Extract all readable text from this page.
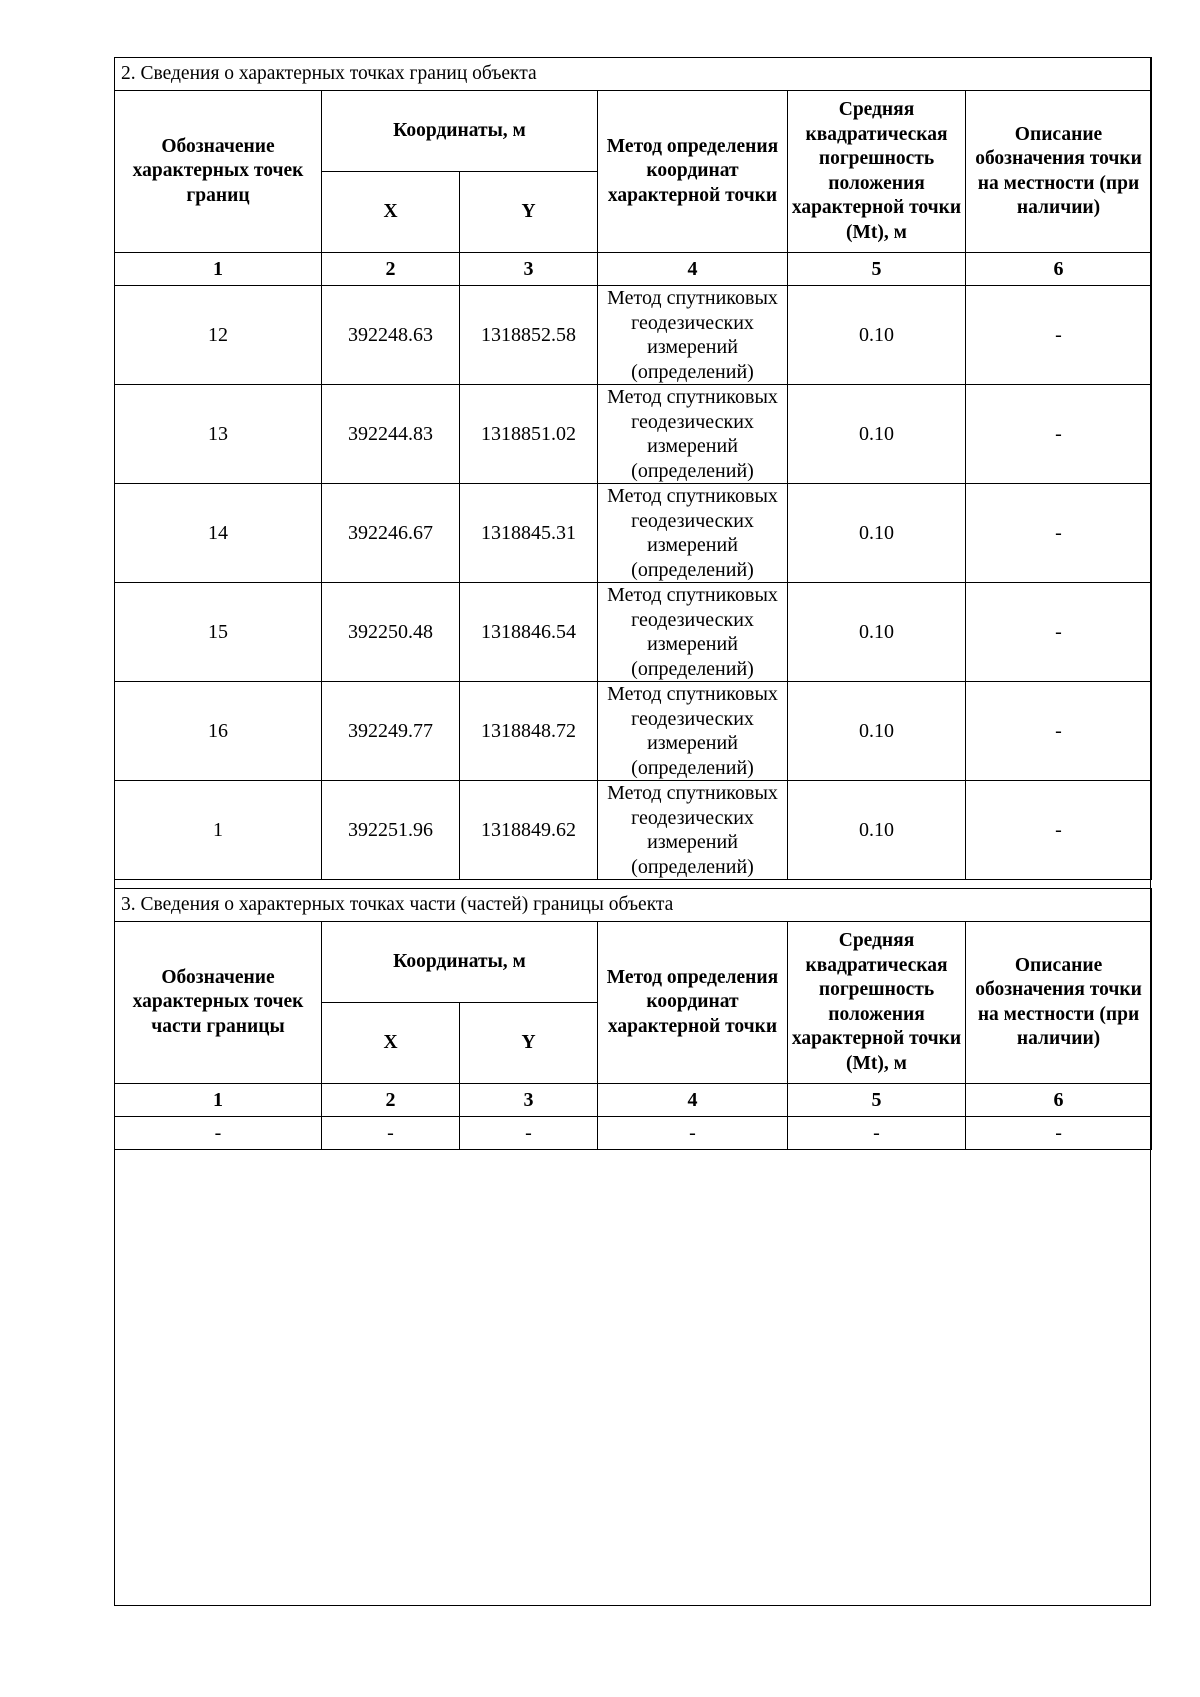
2. Сведения о характерных точках границ объекта					
Обозначение характерных точек границ	Координаты, м		Метод определения координат характерной точки	Средняя квадратическая погрешность положения характерной точки (Mt), м	Описание обозначения точки на местности (при наличии)
	X	Y			
1	2	3	4	5	6
12	392248.63	1318852.58	Метод спутниковых геодезических измерений (определений)	0.10	-
13	392244.83	1318851.02	Метод спутниковых геодезических измерений (определений)	0.10	-
14	392246.67	1318845.31	Метод спутниковых геодезических измерений (определений)	0.10	-
15	392250.48	1318846.54	Метод спутниковых геодезических измерений (определений)	0.10	-
16	392249.77	1318848.72	Метод спутниковых геодезических измерений (определений)	0.10	-
1	392251.96	1318849.62	Метод спутниковых геодезических измерений (определений)	0.10	-
3. Сведения о характерных точках части (частей) границы объекта					
Обозначение характерных точек части границы	Координаты, м		Метод определения координат характерной точки	Средняя квадратическая погрешность положения характерной точки (Mt), м	Описание обозначения точки на местности (при наличии)
	X	Y			
1	2	3	4	5	6
-	-	-	-	-	-
